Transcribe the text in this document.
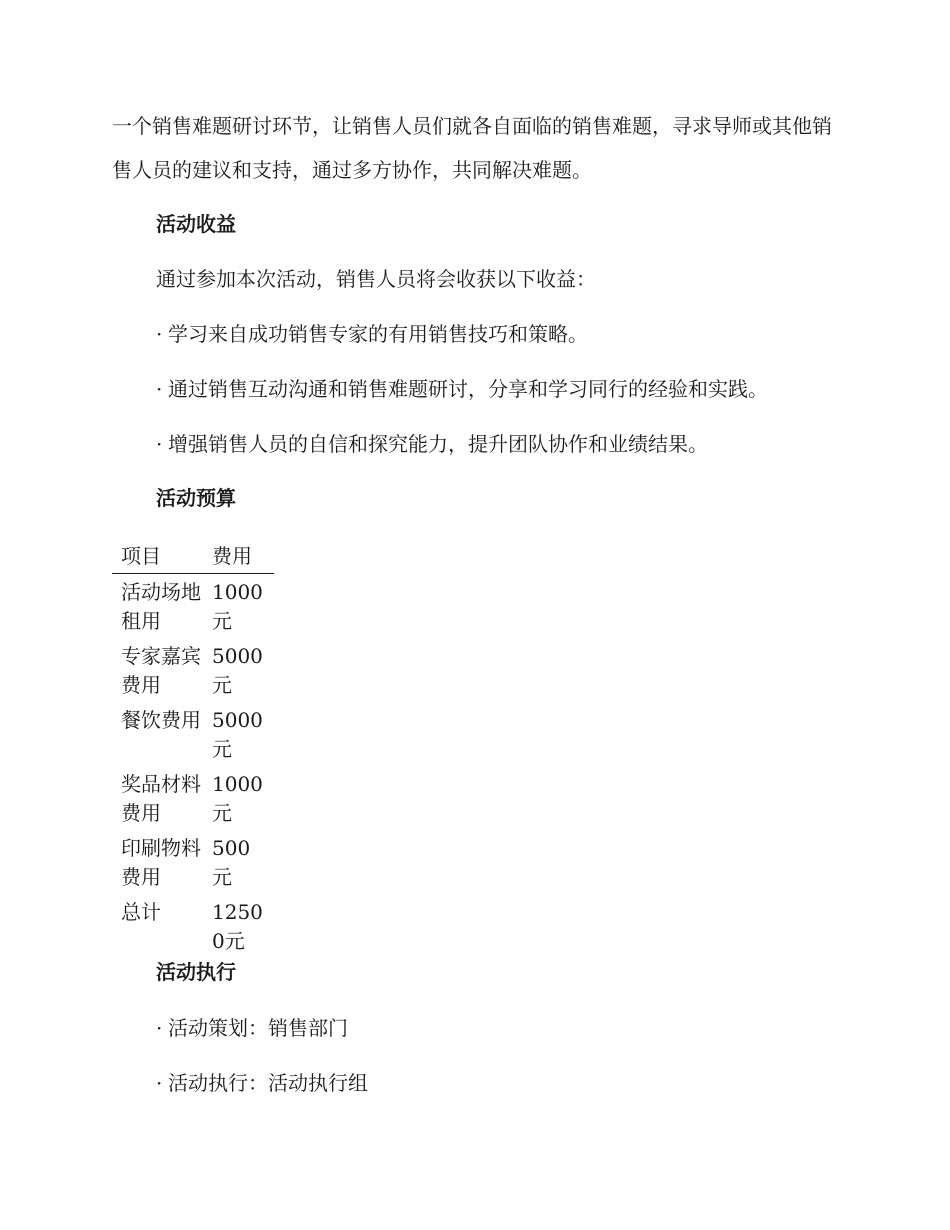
一个销售难题研讨环节，让销售人员们就各自面临的销售难题，寻求导师或其他销售人员的建议和支持，通过多方协作，共同解决难题。

活动收益

通过参加本次活动，销售人员将会收获以下收益：

· 学习来自成功销售专家的有用销售技巧和策略。

· 通过销售互动沟通和销售难题研讨，分享和学习同行的经验和实践。

· 增强销售人员的自信和探究能力，提升团队协作和业绩结果。

活动预算
项目	费用

活动场地租用	1000元

专家嘉宾费用	5000元

餐饮费用	5000元

奖品材料费用	1000元

印刷物料费用	500 元

总计	12500元
活动执行

· 活动策划：销售部门

· 活动执行：活动执行组
